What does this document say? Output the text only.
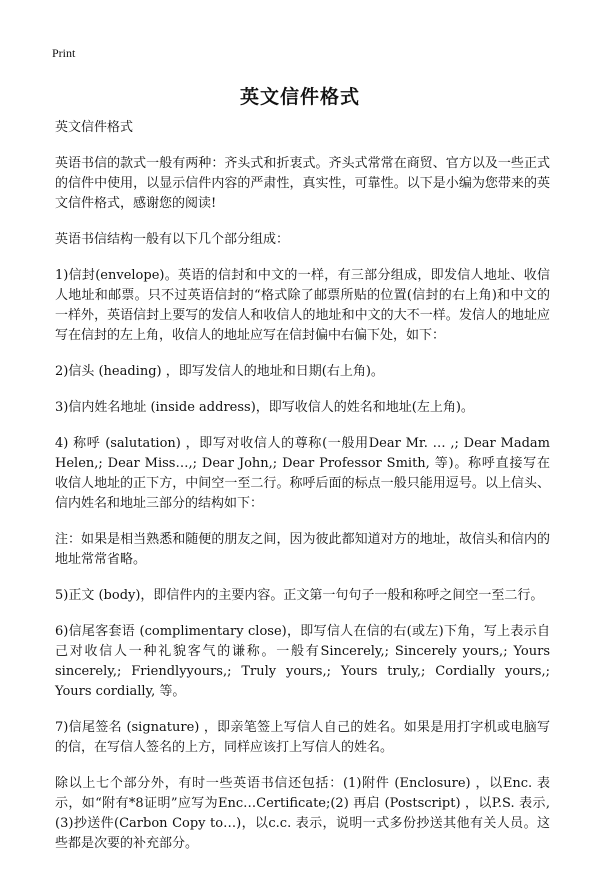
Print
英文信件格式

英文信件格式

英语书信的款式一般有两种：齐头式和折衷式。齐头式常常在商贸、官方以及一些正式的信件中使用，以显示信件内容的严肃性，真实性，可靠性。以下是小编为您带来的英文信件格式，感谢您的阅读!

英语书信结构一般有以下几个部分组成：

1)信封(envelope)。英语的信封和中文的一样，有三部分组成，即发信人地址、收信人地址和邮票。只不过英语信封的“格式除了邮票所贴的位置(信封的右上角)和中文的一样外，英语信封上要写的发信人和收信人的地址和中文的大不一样。发信人的地址应写在信封的左上角，收信人的地址应写在信封偏中右偏下处，如下：

2)信头 (heading) ，即写发信人的地址和日期(右上角)。

3)信内姓名地址 (inside address)，即写收信人的姓名和地址(左上角)。

4) 称呼 (salutation) ，即写对收信人的尊称(一般用Dear Mr. … ,; Dear Madam Helen,; Dear Miss…,; Dear John,; Dear Professor Smith, 等)。称呼直接写在收信人地址的正下方，中间空一至二行。称呼后面的标点一般只能用逗号。以上信头、信内姓名和地址三部分的结构如下：

注：如果是相当熟悉和随便的朋友之间，因为彼此都知道对方的地址，故信头和信内的地址常常省略。

5)正文 (body)，即信件内的主要内容。正文第一句句子一般和称呼之间空一至二行。

6)信尾客套语 (complimentary close)，即写信人在信的右(或左)下角，写上表示自己对收信人一种礼貌客气的谦称。一般有Sincerely,; Sincerely yours,; Yours sincerely,; Friendlyyours,; Truly yours,; Yours truly,; Cordially yours,; Yours cordially, 等。

7)信尾签名 (signature) ，即亲笔签上写信人自己的姓名。如果是用打字机或电脑写的信，在写信人签名的上方，同样应该打上写信人的姓名。

除以上七个部分外，有时一些英语书信还包括：(1)附件 (Enclosure) ，以Enc. 表示，如“附有*8证明”应写为Enc…Certificate;(2) 再启 (Postscript) ，以P.S. 表示,(3)抄送件(Carbon Copy to…)，以c.c. 表示，说明一式多份抄送其他有关人员。这些都是次要的补充部分。
